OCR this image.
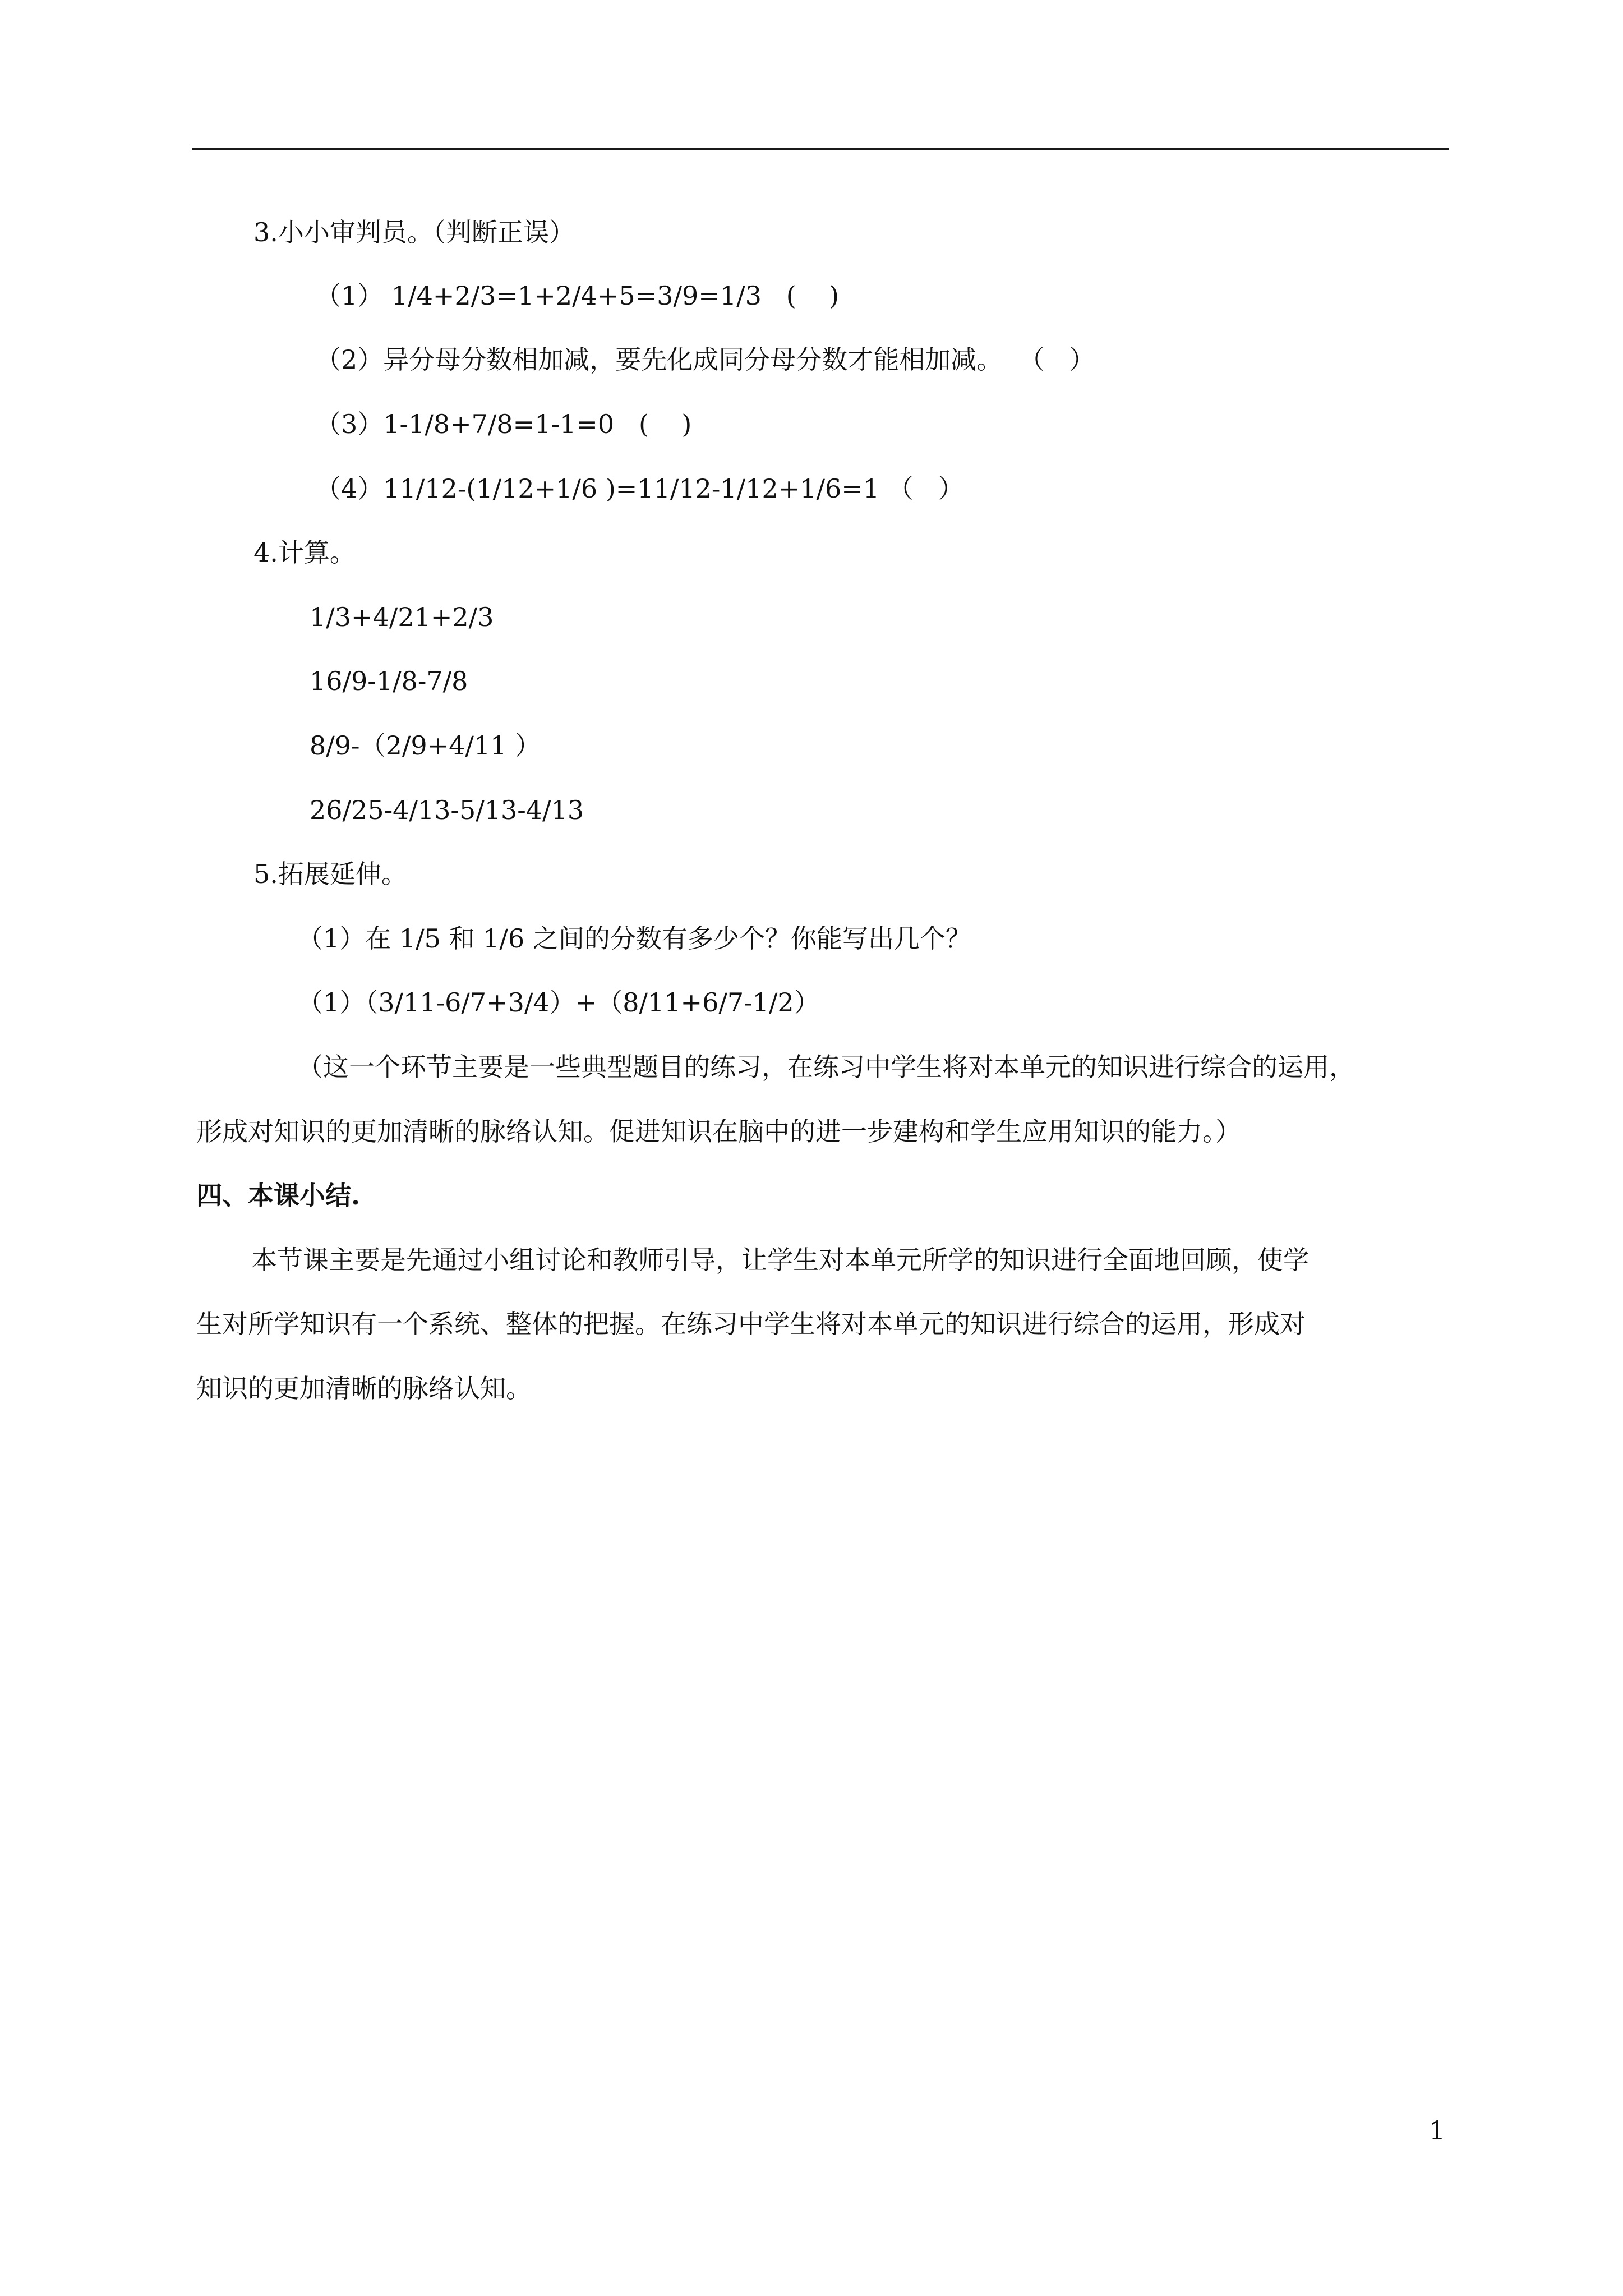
3.小小审判员。（判断正误）
（1） 1/4+2/3=1+2/4+5=3/9=1/3   (    )
（2）异分母分数相加减，要先化成同分母分数才能相加减。  （   ）
（3）1-1/8+7/8=1-1=0   (    )
（4）11/12-(1/12+1/6 )=11/12-1/12+1/6=1 （   ）
4.计算。
1/3+4/21+2/3
16/9-1/8-7/8
8/9-（2/9+4/11 ）
26/25-4/13-5/13-4/13
5.拓展延伸。
（1）在 1/5 和 1/6 之间的分数有多少个？你能写出几个？
（1）（3/11-6/7+3/4）+（8/11+6/7-1/2）
（这一个环节主要是一些典型题目的练习，在练习中学生将对本单元的知识进行综合的运用，
形成对知识的更加清晰的脉络认知。促进知识在脑中的进一步建构和学生应用知识的能力。）
四、本课小结.
本节课主要是先通过小组讨论和教师引导，让学生对本单元所学的知识进行全面地回顾，使学
生对所学知识有一个系统、整体的把握。在练习中学生将对本单元的知识进行综合的运用，形成对
知识的更加清晰的脉络认知。
1
